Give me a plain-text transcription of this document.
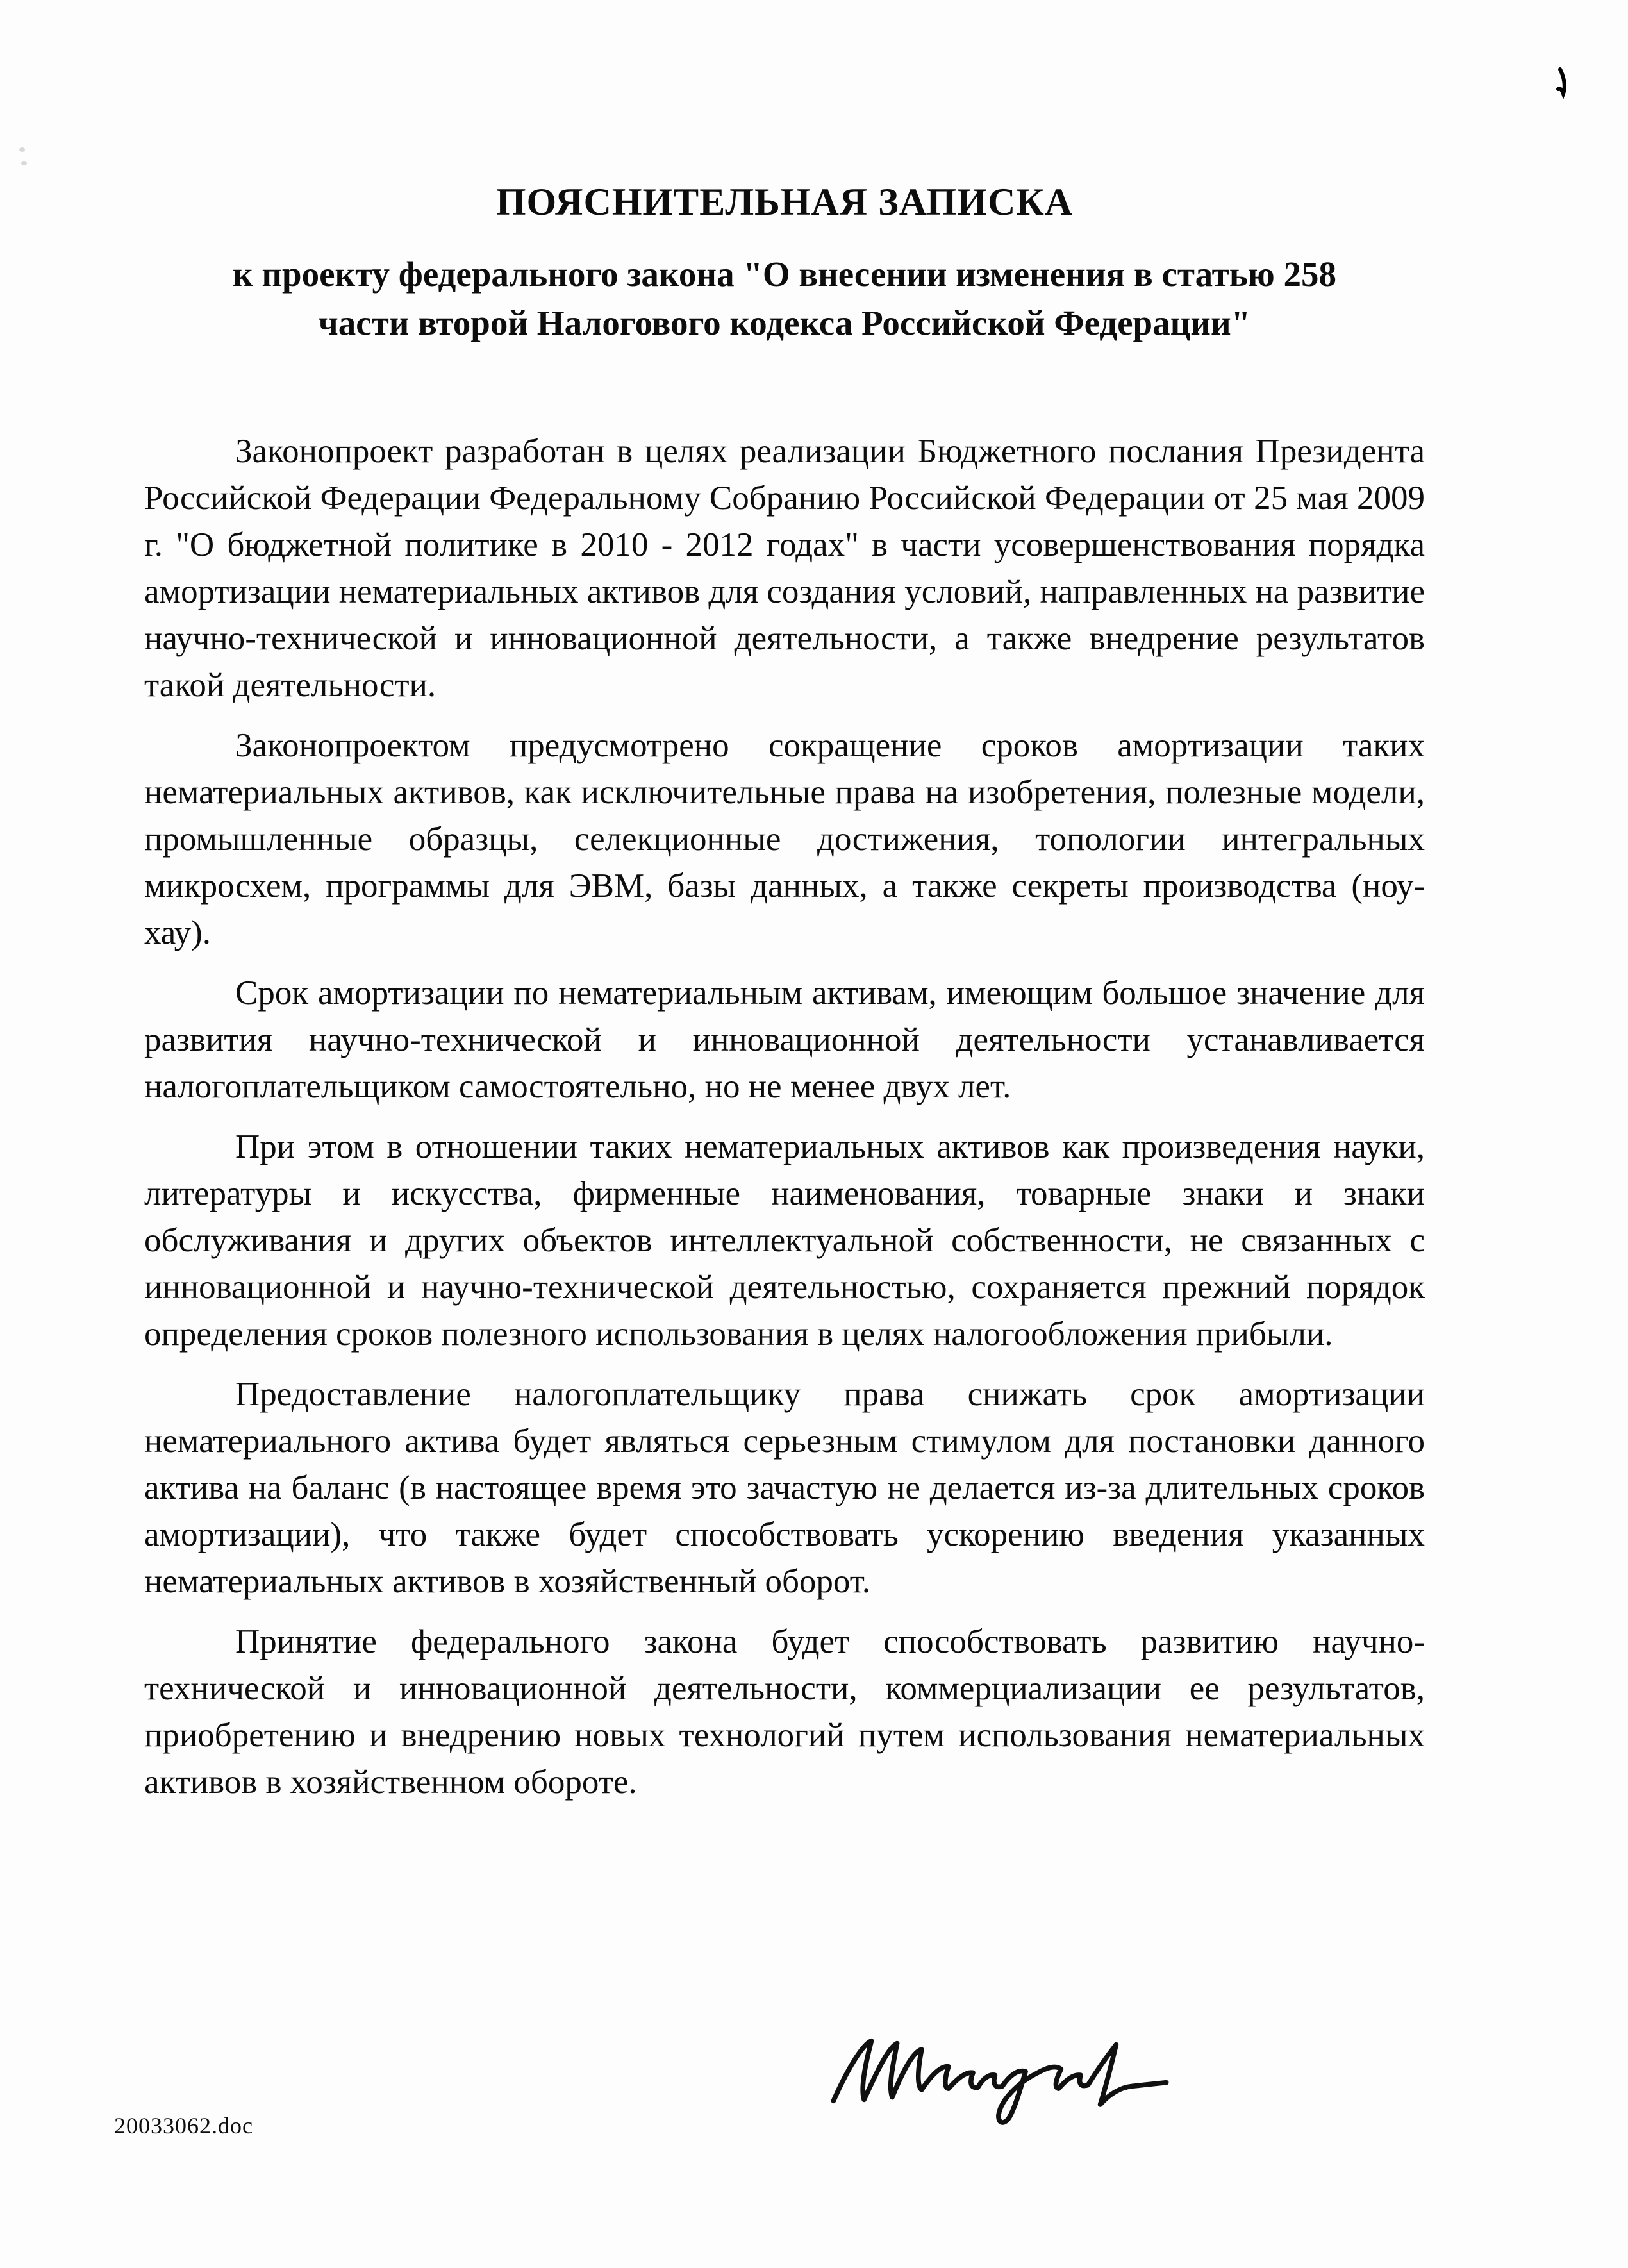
ПОЯСНИТЕЛЬНАЯ ЗАПИСКА
к проекту федерального закона "О внесении изменения в статью 258
части второй Налогового кодекса Российской Федерации"

Законопроект разработан в целях реализации Бюджетного послания Президента Российской Федерации Федеральному Собранию Российской Федерации от 25 мая 2009 г. "О бюджетной политике в 2010 - 2012 годах" в части усовершенствования порядка амортизации нематериальных активов для создания условий, направленных на развитие научно-технической и инновационной деятельности, а также внедрение результатов такой деятельности.

Законопроектом предусмотрено сокращение сроков амортизации таких нематериальных активов, как исключительные права на изобретения, полезные модели, промышленные образцы, селекционные достижения, топологии интегральных микросхем, программы для ЭВМ, базы данных, а также секреты производства (ноу-хау).

Срок амортизации по нематериальным активам, имеющим большое значение для развития научно-технической и инновационной деятельности устанавливается налогоплательщиком самостоятельно, но не менее двух лет.

При этом в отношении таких нематериальных активов как произведения науки, литературы и искусства, фирменные наименования, товарные знаки и знаки обслуживания и других объектов интеллектуальной собственности, не связанных с инновационной и научно-технической деятельностью, сохраняется прежний порядок определения сроков полезного использования в целях налогообложения прибыли.

Предоставление налогоплательщику права снижать срок амортизации нематериального актива будет являться серьезным стимулом для постановки данного актива на баланс (в настоящее время это зачастую не делается из-за длительных сроков амортизации), что также будет способствовать ускорению введения указанных нематериальных активов в хозяйственный оборот.

Принятие федерального закона будет способствовать развитию научно-технической и инновационной деятельности, коммерциализации ее результатов, приобретению и внедрению новых технологий путем использования нематериальных активов в хозяйственном обороте.

20033062.doc
